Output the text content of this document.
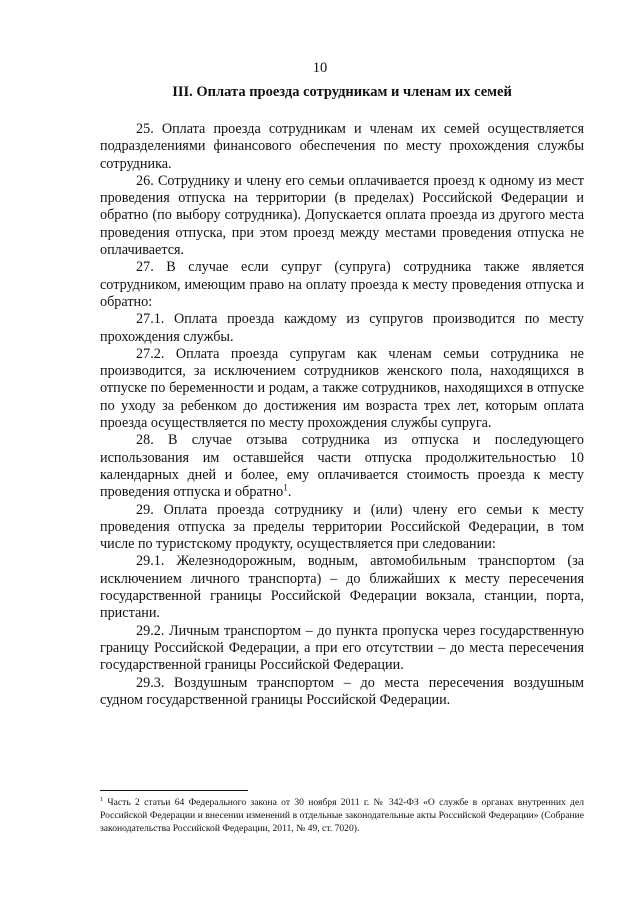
10
III. Оплата проезда сотрудникам и членам их семей

25. Оплата проезда сотрудникам и членам их семей осуществляется подразделениями финансового обеспечения по месту прохождения службы сотрудника.

26. Сотруднику и члену его семьи оплачивается проезд к одному из мест проведения отпуска на территории (в пределах) Российской Федерации и обратно (по выбору сотрудника). Допускается оплата проезда из другого места проведения отпуска, при этом проезд между местами проведения отпуска не оплачивается.

27. В случае если супруг (супруга) сотрудника также является сотрудником, имеющим право на оплату проезда к месту проведения отпуска и обратно:

27.1. Оплата проезда каждому из супругов производится по месту прохождения службы.

27.2. Оплата проезда супругам как членам семьи сотрудника не производится, за исключением сотрудников женского пола, находящихся в отпуске по беременности и родам, а также сотрудников, находящихся в отпуске по уходу за ребенком до достижения им возраста трех лет, которым оплата проезда осуществляется по месту прохождения службы супруга.

28. В случае отзыва сотрудника из отпуска и последующего использования им оставшейся части отпуска продолжительностью 10 календарных дней и более, ему оплачивается стоимость проезда к месту проведения отпуска и обратно$^1$.

29. Оплата проезда сотруднику и (или) члену его семьи к месту проведения отпуска за пределы территории Российской Федерации, в том числе по туристскому продукту, осуществляется при следовании:

29.1. Железнодорожным, водным, автомобильным транспортом (за исключением личного транспорта) – до ближайших к месту пересечения государственной границы Российской Федерации вокзала, станции, порта, пристани.

29.2. Личным транспортом – до пункта пропуска через государственную границу Российской Федерации, а при его отсутствии – до места пересечения государственной границы Российской Федерации.

29.3. Воздушным транспортом – до места пересечения воздушным судном государственной границы Российской Федерации.

$^1$ Часть 2 статьи 64 Федерального закона от 30 ноября 2011 г. № 342-ФЗ «О службе в органах внутренних дел Российской Федерации и внесении изменений в отдельные законодательные акты Российской Федерации» (Собрание законодательства Российской Федерации, 2011, № 49, ст. 7020).
